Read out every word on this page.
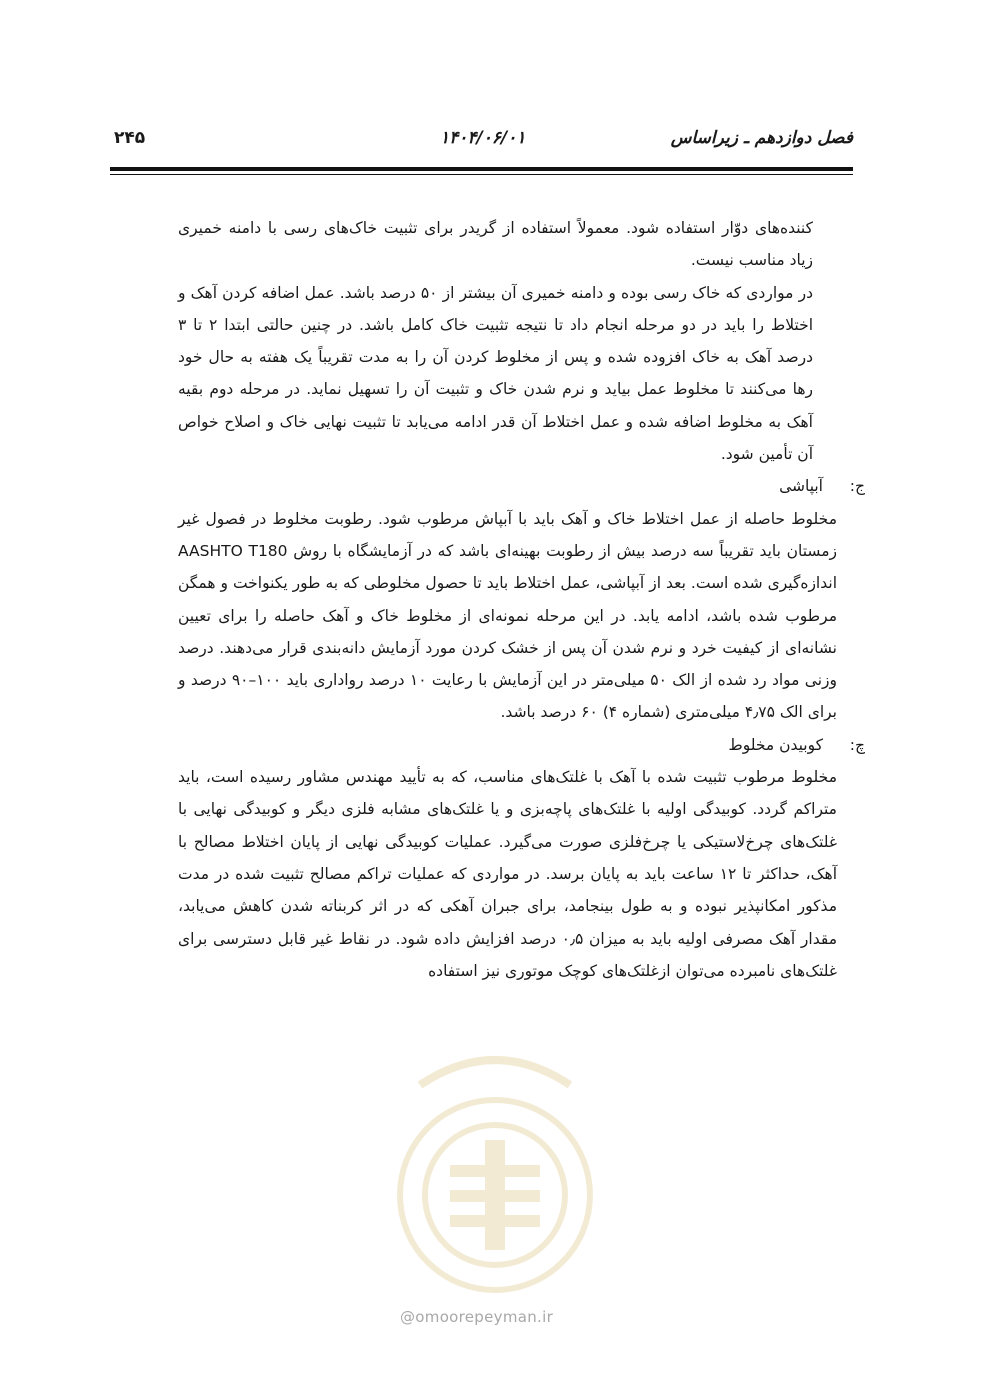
فصل دوازدهم ـ زیراساس
۱۴۰۴/۰۶/۰۱
۲۴۵

کننده‌های دوّار استفاده شود. معمولاً استفاده از گریدر برای تثبیت خاک‌های رسی با دامنه خمیری زیاد مناسب نیست.

در مواردی که خاک رسی بوده و دامنه خمیری آن بیشتر از ۵۰ درصد باشد. عمل اضافه کردن آهک و اختلاط را باید در دو مرحله انجام داد تا نتیجه تثبیت خاک کامل باشد. در چنین حالتی ابتدا ۲ تا ۳ درصد آهک به خاک افزوده شده و پس از مخلوط کردن آن را به مدت تقریباً یک هفته به حال خود رها می‌کنند تا مخلوط عمل بیاید و نرم شدن خاک و تثبیت آن را تسهیل نماید. در مرحله دوم بقیه آهک به مخلوط اضافه شده و عمل اختلاط آن قدر ادامه می‌یابد تا تثبیت نهایی خاک و اصلاح خواص آن تأمین شود.

ج:
آبپاشی

مخلوط حاصله از عمل اختلاط خاک و آهک باید با آبپاش مرطوب شود. رطوبت مخلوط در فصول غیر زمستان باید تقریباً سه درصد بیش از رطوبت بهینه‌ای باشد که در آزمایشگاه با روش AASHTO T180 اندازه‌گیری شده است. بعد از آبپاشی، عمل اختلاط باید تا حصول مخلوطی که به طور یکنواخت و همگن مرطوب شده باشد، ادامه یابد. در این مرحله نمونه‌ای از مخلوط خاک و آهک حاصله را برای تعیین نشانه‌ای از کیفیت خرد و نرم شدن آن پس از خشک کردن مورد آزمایش دانه‌بندی قرار می‌دهند. درصد وزنی مواد رد شده از الک ۵۰ میلی‌متر در این آزمایش با رعایت ۱۰ درصد رواداری باید ۱۰۰–۹۰ درصد و برای الک ۴٫۷۵ میلی‌متری (شماره ۴) ۶۰ درصد باشد.

چ:
کوبیدن مخلوط

مخلوط مرطوب تثبیت شده با آهک با غلتک‌های مناسب، که به تأیید مهندس مشاور رسیده است، باید متراکم گردد. کوبیدگی اولیه با غلتک‌های پاچه‌بزی و یا غلتک‌های مشابه فلزی دیگر و کوبیدگی نهایی با غلتک‌های چرخ‌لاستیکی یا چرخ‌فلزی صورت می‌گیرد. عملیات کوبیدگی نهایی از پایان اختلاط مصالح با آهک، حداکثر تا ۱۲ ساعت باید به پایان برسد. در مواردی که عملیات تراکم مصالح تثبیت شده در مدت مذکور امکانپذیر نبوده و به طول بینجامد، برای جبران آهکی که در اثر کربناته شدن کاهش می‌یابد، مقدار آهک مصرفی اولیه باید به میزان ۰٫۵ درصد افزایش داده شود. در نقاط غیر قابل دسترسی برای غلتک‌های نامبرده می‌توان ازغلتک‌های کوچک موتوری نیز استفاده

@omoorepeyman.ir
